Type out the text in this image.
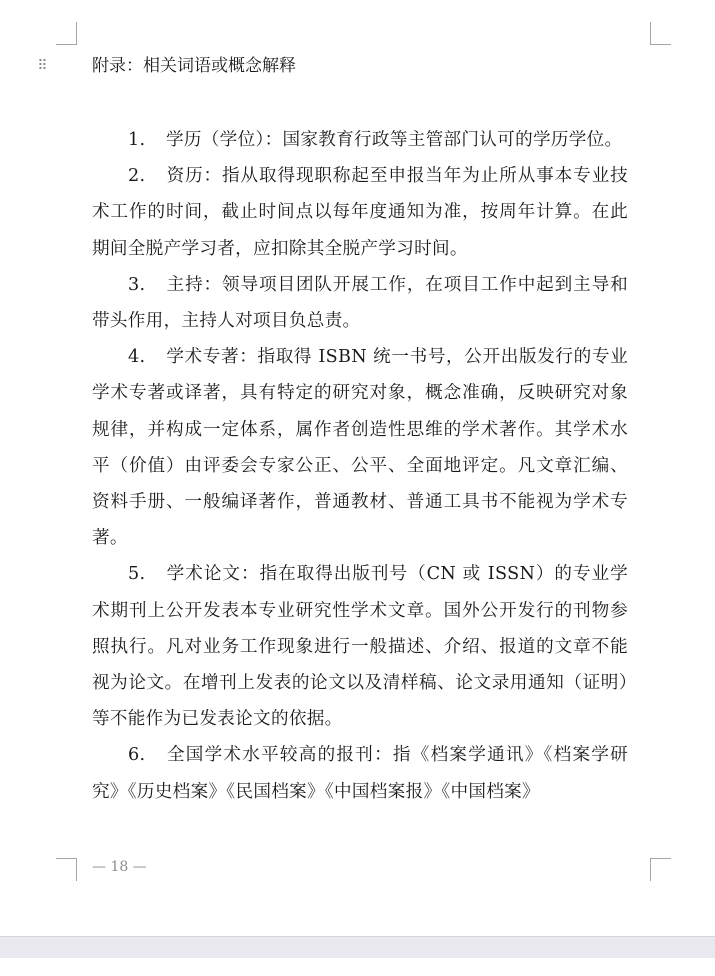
⠿	附录：相关词语或概念解释

1. 学历（学位）：国家教育行政等主管部门认可的学历学位。

2. 资历：指从取得现职称起至申报当年为止所从事本专业技术工作的时间，截止时间点以每年度通知为准，按周年计算。在此期间全脱产学习者，应扣除其全脱产学习时间。

3. 主持：领导项目团队开展工作，在项目工作中起到主导和带头作用，主持人对项目负总责。

4. 学术专著：指取得 ISBN 统一书号，公开出版发行的专业学术专著或译著，具有特定的研究对象，概念准确，反映研究对象规律，并构成一定体系，属作者创造性思维的学术著作。其学术水平（价值）由评委会专家公正、公平、全面地评定。凡文章汇编、资料手册、一般编译著作，普通教材、普通工具书不能视为学术专著。

5. 学术论文：指在取得出版刊号（CN 或 ISSN）的专业学术期刊上公开发表本专业研究性学术文章。国外公开发行的刊物参照执行。凡对业务工作现象进行一般描述、介绍、报道的文章不能视为论文。在增刊上发表的论文以及清样稿、论文录用通知（证明）等不能作为已发表论文的依据。

6. 全国学术水平较高的报刊：指《档案学通讯》《档案学研究》《历史档案》《民国档案》《中国档案报》《中国档案》

— 18 —
